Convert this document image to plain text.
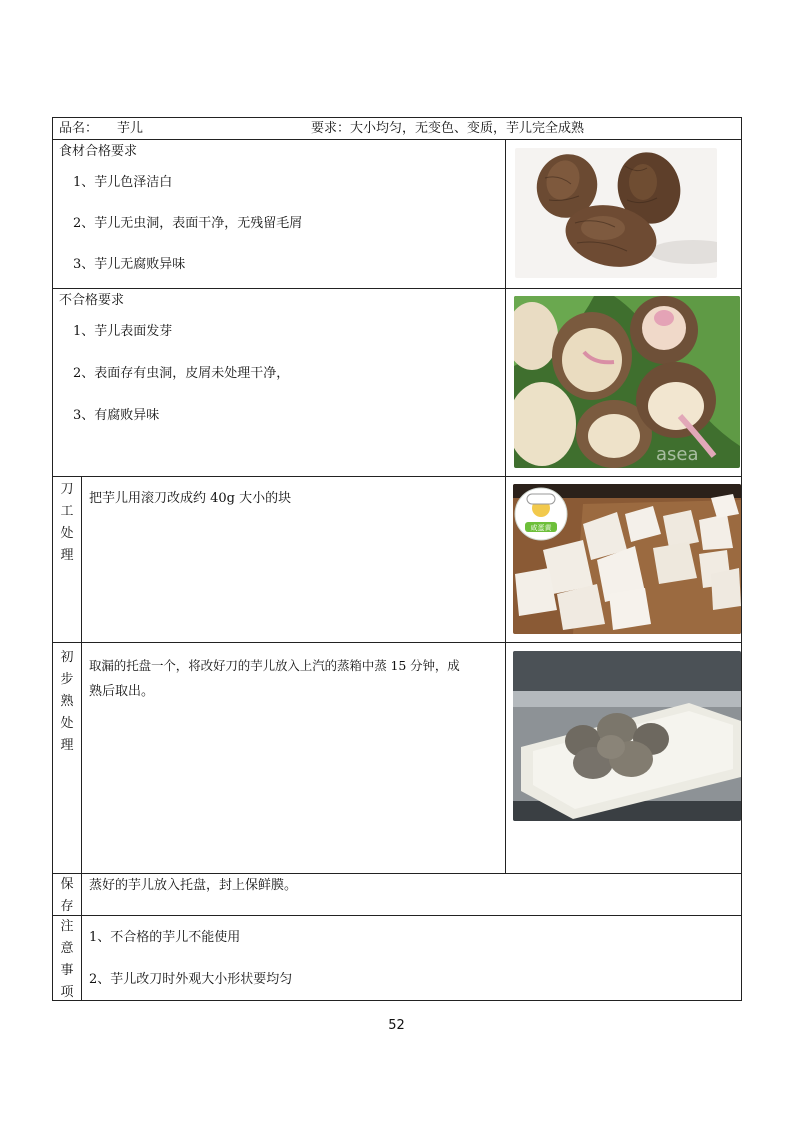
品名： 芋儿	要求：大小均匀，无变色、变质，芋儿完全成熟
食材合格要求
1、芋儿色泽洁白
2、芋儿无虫洞，表面干净，无残留毛屑
3、芋儿无腐败异味
不合格要求
1、芋儿表面发芽
2、表面存有虫洞，皮屑未处理干净，
3、有腐败异味
asea
刀
工
处
理
把芋儿用滚刀改成约 40g 大小的块
咸蛋黄
初
步
熟
处
理
取漏的托盘一个，将改好刀的芋儿放入上汽的蒸箱中蒸 15 分钟，成
熟后取出。
保
存
蒸好的芋儿放入托盘，封上保鲜膜。
注
意
事
项
1、不合格的芋儿不能使用
2、芋儿改刀时外观大小形状要均匀
52
